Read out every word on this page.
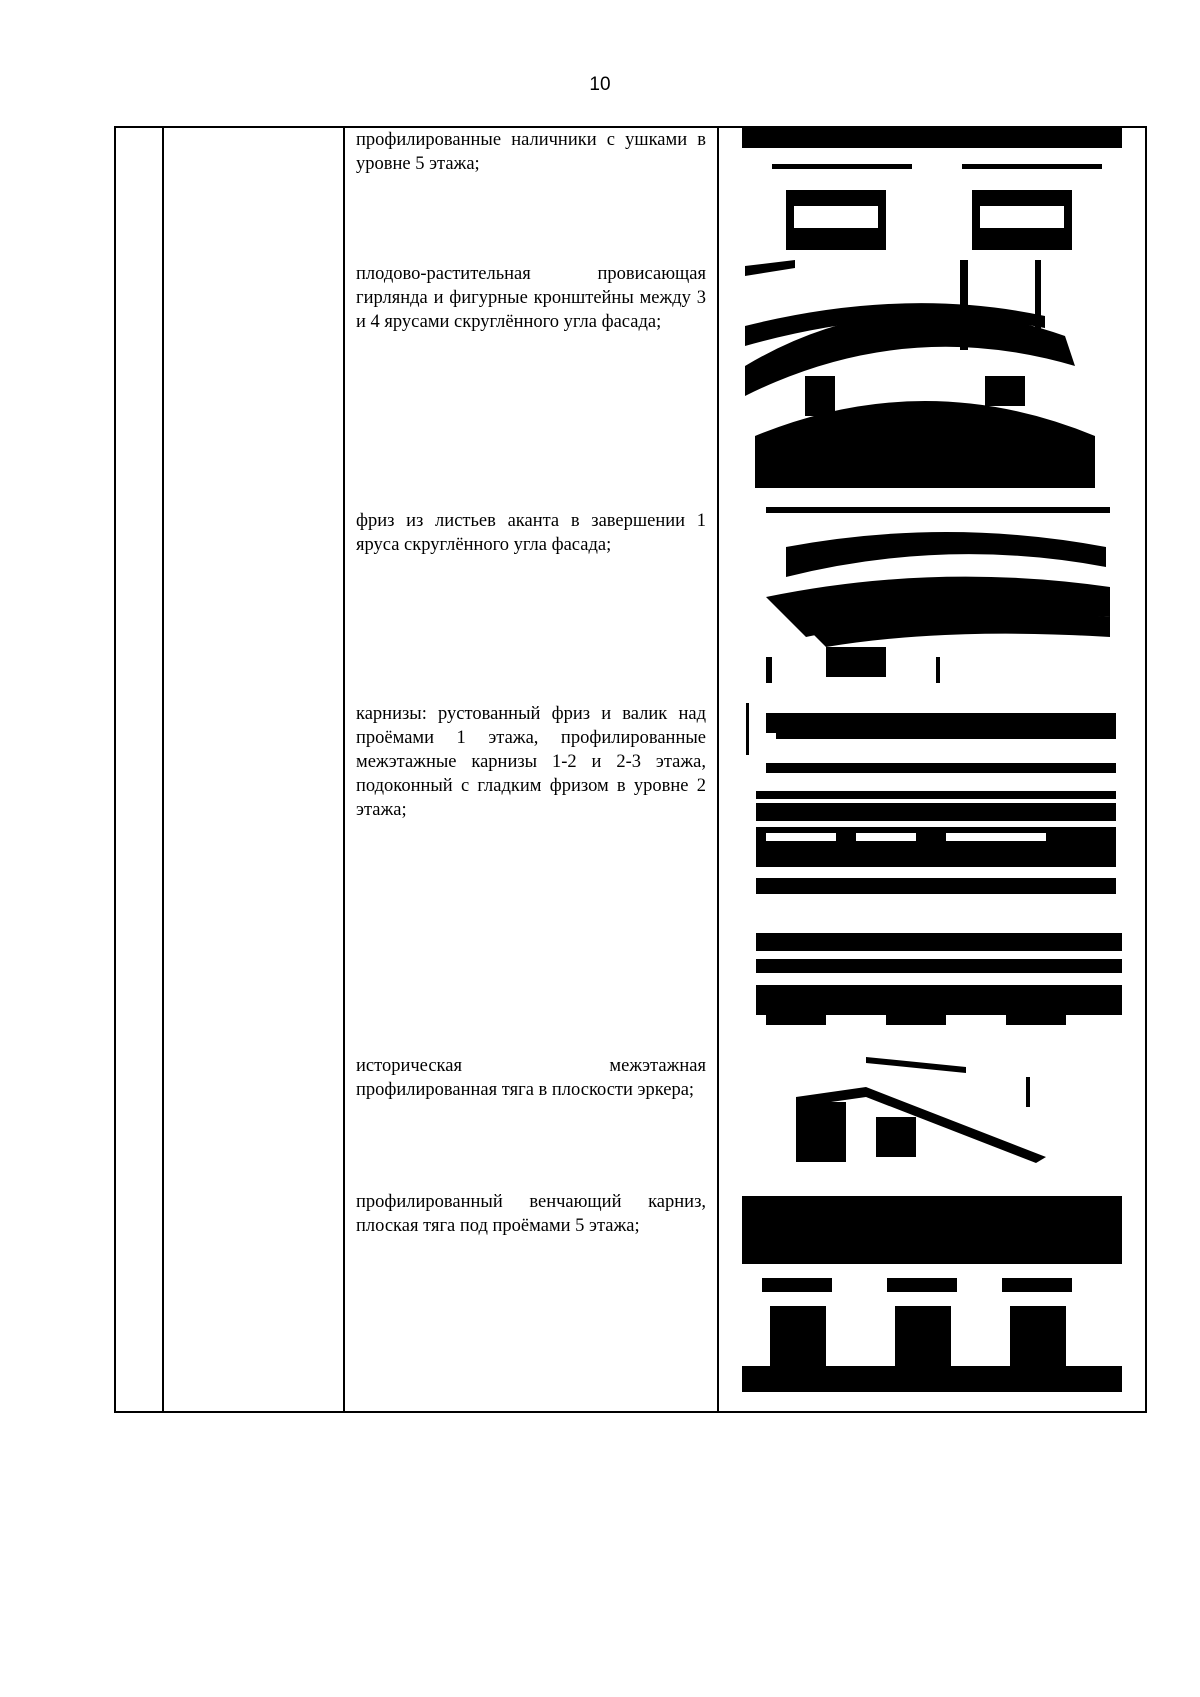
10
профилированные наличники с ушками в уровне 5 этажа;
плодово-растительная провисающая гирлянда и фигурные кронштейны между 3 и 4 ярусами скруглённого угла фасада;
фриз из листьев аканта в завершении 1 яруса скруглённого угла фасада;
карнизы: рустованный фриз и валик над проёмами 1 этажа, профилированные межэтажные карнизы 1-2 и 2-3 этажа, подоконный с гладким фризом в уровне 2 этажа;
историческая межэтажная профилированная тяга в плоскости эркера;
профилированный венчающий карниз, плоская тяга под проёмами 5 этажа;
